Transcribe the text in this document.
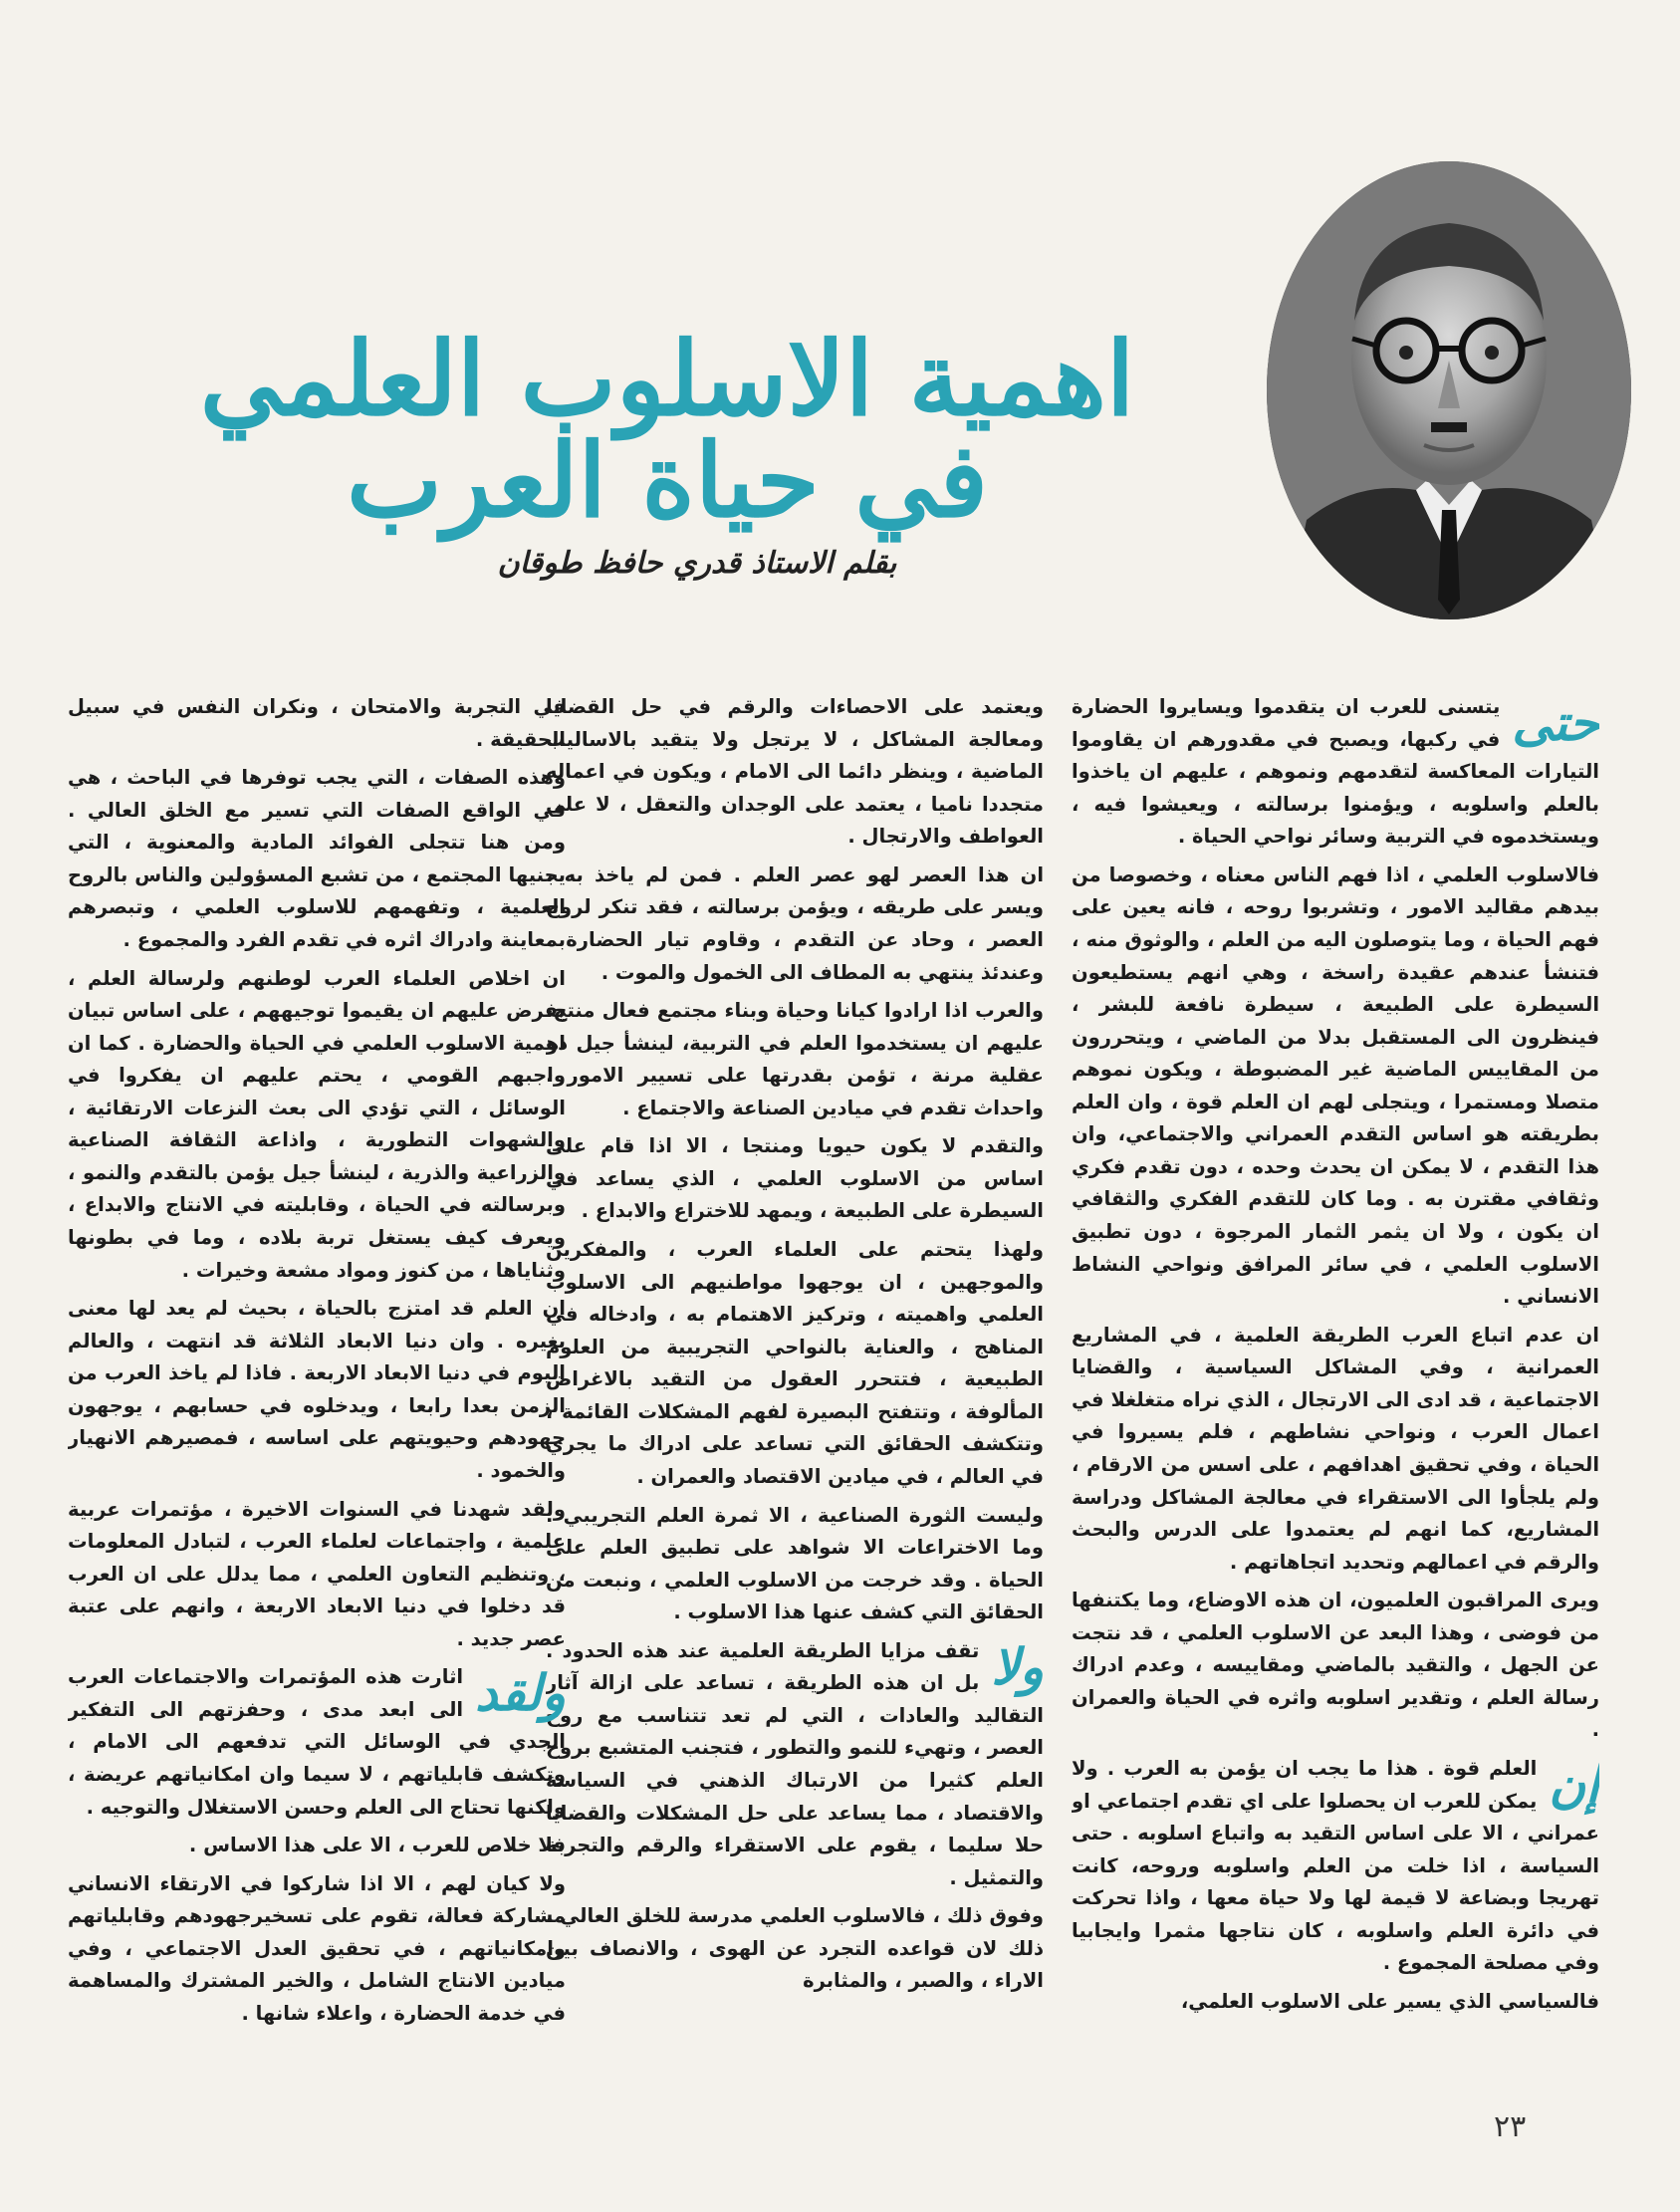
اهمية الاسلوب العلمي في حياة العرب
بقلم الاستاذ قدري حافظ طوقان

حتى
يتسنى للعرب ان يتقدموا ويسايروا الحضارة في ركبها، ويصبح في مقدورهم ان يقاوموا التيارات المعاكسة لتقدمهم ونموهم ، عليهم ان ياخذوا بالعلم واسلوبه ، ويؤمنوا برسالته ، ويعيشوا فيه ، ويستخدموه في التربية وسائر نواحي الحياة .

فالاسلوب العلمي ، اذا فهم الناس معناه ، وخصوصا من بيدهم مقاليد الامور ، وتشربوا روحه ، فانه يعين على فهم الحياة ، وما يتوصلون اليه من العلم ، والوثوق منه ، فتنشأ عندهم عقيدة راسخة ، وهي انهم يستطيعون السيطرة على الطبيعة ، سيطرة نافعة للبشر ، فينظرون الى المستقبل بدلا من الماضي ، ويتحررون من المقاييس الماضية غير المضبوطة ، ويكون نموهم متصلا ومستمرا ، ويتجلى لهم ان العلم قوة ، وان العلم بطريقته هو اساس التقدم العمراني والاجتماعي، وان هذا التقدم ، لا يمكن ان يحدث وحده ، دون تقدم فكري وثقافي مقترن به . وما كان للتقدم الفكري والثقافي ان يكون ، ولا ان يثمر الثمار المرجوة ، دون تطبيق الاسلوب العلمي ، في سائر المرافق ونواحي النشاط الانساني .

ان عدم اتباع العرب الطريقة العلمية ، في المشاريع العمرانية ، وفي المشاكل السياسية ، والقضايا الاجتماعية ، قد ادى الى الارتجال ، الذي نراه متغلغلا في اعمال العرب ، ونواحي نشاطهم ، فلم يسيروا في الحياة ، وفي تحقيق اهدافهم ، على اسس من الارقام ، ولم يلجأوا الى الاستقراء في معالجة المشاكل ودراسة المشاريع، كما انهم لم يعتمدوا على الدرس والبحث والرقم في اعمالهم وتحديد اتجاهاتهم .

ويرى المراقبون العلميون، ان هذه الاوضاع، وما يكتنفها من فوضى ، وهذا البعد عن الاسلوب العلمي ، قد نتجت عن الجهل ، والتقيد بالماضي ومقاييسه ، وعدم ادراك رسالة العلم ، وتقدير اسلوبه واثره في الحياة والعمران .

إن
العلم قوة . هذا ما يجب ان يؤمن به العرب . ولا يمكن للعرب ان يحصلوا على اي تقدم اجتماعي او عمراني ، الا على اساس التقيد به واتباع اسلوبه . حتى السياسة ، اذا خلت من العلم واسلوبه وروحه، كانت تهريجا وبضاعة لا قيمة لها ولا حياة معها ، واذا تحركت في دائرة العلم واسلوبه ، كان نتاجها مثمرا وايجابيا وفي مصلحة المجموع .

فالسياسي الذي يسير على الاسلوب العلمي،

ويعتمد على الاحصاءات والرقم في حل القضايا ومعالجة المشاكل ، لا يرتجل ولا يتقيد بالاساليب الماضية ، وينظر دائما الى الامام ، ويكون في اعماله متجددا ناميا ، يعتمد على الوجدان والتعقل ، لا على العواطف والارتجال .

ان هذا العصر لهو عصر العلم . فمن لم ياخذ به ، ويسر على طريقه ، ويؤمن برسالته ، فقد تنكر لروح العصر ، وحاد عن التقدم ، وقاوم تيار الحضارة . وعندئذ ينتهي به المطاف الى الخمول والموت .

والعرب اذا ارادوا كيانا وحياة وبناء مجتمع فعال منتج، عليهم ان يستخدموا العلم في التربية، لينشأ جيل ذو عقلية مرنة ، تؤمن بقدرتها على تسيير الامور ، واحداث تقدم في ميادين الصناعة والاجتماع .

والتقدم لا يكون حيويا ومنتجا ، الا اذا قام على اساس من الاسلوب العلمي ، الذي يساعد في السيطرة على الطبيعة ، ويمهد للاختراع والابداع .

ولهذا يتحتم على العلماء العرب ، والمفكرين والموجهين ، ان يوجهوا مواطنيهم الى الاسلوب العلمي واهميته ، وتركيز الاهتمام به ، وادخاله في المناهج ، والعناية بالنواحي التجريبية من العلوم الطبيعية ، فتتحرر العقول من التقيد بالاغراض المألوفة ، وتتفتح البصيرة لفهم المشكلات القائمة ، وتتكشف الحقائق التي تساعد على ادراك ما يجري في العالم ، في ميادين الاقتصاد والعمران .

وليست الثورة الصناعية ، الا ثمرة العلم التجريبي . وما الاختراعات الا شواهد على تطبيق العلم على الحياة . وقد خرجت من الاسلوب العلمي ، ونبعت من الحقائق التي كشف عنها هذا الاسلوب .

ولا
تقف مزايا الطريقة العلمية عند هذه الحدود . بل ان هذه الطريقة ، تساعد على ازالة آثار التقاليد والعادات ، التي لم تعد تتناسب مع روح العصر ، وتهيء للنمو والتطور ، فتجنب المتشبع بروح العلم كثيرا من الارتباك الذهني في السياسة والاقتصاد ، مما يساعد على حل المشكلات والقضايا حلا سليما ، يقوم على الاستقراء والرقم والتجربة والتمثيل .

وفوق ذلك ، فالاسلوب العلمي مدرسة للخلق العالي . ذلك لان قواعده التجرد عن الهوى ، والانصاف بين الاراء ، والصبر ، والمثابرة

في التجربة والامتحان ، ونكران النفس في سبيل الحقيقة .

وهذه الصفات ، التي يجب توفرها في الباحث ، هي في الواقع الصفات التي تسير مع الخلق العالي . ومن هنا تتجلى الفوائد المادية والمعنوية ، التي يجنيها المجتمع ، من تشبع المسؤولين والناس بالروح العلمية ، وتفهمهم للاسلوب العلمي ، وتبصرهم بمعاينة وادراك اثره في تقدم الفرد والمجموع .

ان اخلاص العلماء العرب لوطنهم ولرسالة العلم ، يفرض عليهم ان يقيموا توجيههم ، على اساس تبيان اهمية الاسلوب العلمي في الحياة والحضارة . كما ان واجبهم القومي ، يحتم عليهم ان يفكروا في الوسائل ، التي تؤدي الى بعث النزعات الارتقائية ، والشهوات التطورية ، واذاعة الثقافة الصناعية والزراعية والذرية ، لينشأ جيل يؤمن بالتقدم والنمو ، وبرسالته في الحياة ، وقابليته في الانتاج والابداع ، ويعرف كيف يستغل تربة بلاده ، وما في بطونها وثناياها ، من كنوز ومواد مشعة وخيرات .

ان العلم قد امتزج بالحياة ، بحيث لم يعد لها معنى بغيره . وان دنيا الابعاد الثلاثة قد انتهت ، والعالم اليوم في دنيا الابعاد الاربعة . فاذا لم ياخذ العرب من الزمن بعدا رابعا ، ويدخلوه في حسابهم ، يوجهون جهودهم وحيويتهم على اساسه ، فمصيرهم الانهيار والخمود .

ولقد شهدنا في السنوات الاخيرة ، مؤتمرات عربية علمية ، واجتماعات لعلماء العرب ، لتبادل المعلومات ، وتنظيم التعاون العلمي ، مما يدلل على ان العرب قد دخلوا في دنيا الابعاد الاربعة ، وانهم على عتبة عصر جديد .

ولقد
اثارت هذه المؤتمرات والاجتماعات العرب الى ابعد مدى ، وحفزتهم الى التفكير الجدي في الوسائل التي تدفعهم الى الامام ، وتكشف قابلياتهم ، لا سيما وان امكانياتهم عريضة ، ولكنها تحتاج الى العلم وحسن الاستغلال والتوجيه .

فلا خلاص للعرب ، الا على هذا الاساس .

ولا كيان لهم ، الا اذا شاركوا في الارتقاء الانساني مشاركة فعالة، تقوم على تسخيرجهودهم وقابلياتهم وامكانياتهم ، في تحقيق العدل الاجتماعي ، وفي ميادين الانتاج الشامل ، والخير المشترك والمساهمة في خدمة الحضارة ، واعلاء شانها .

٢٣
